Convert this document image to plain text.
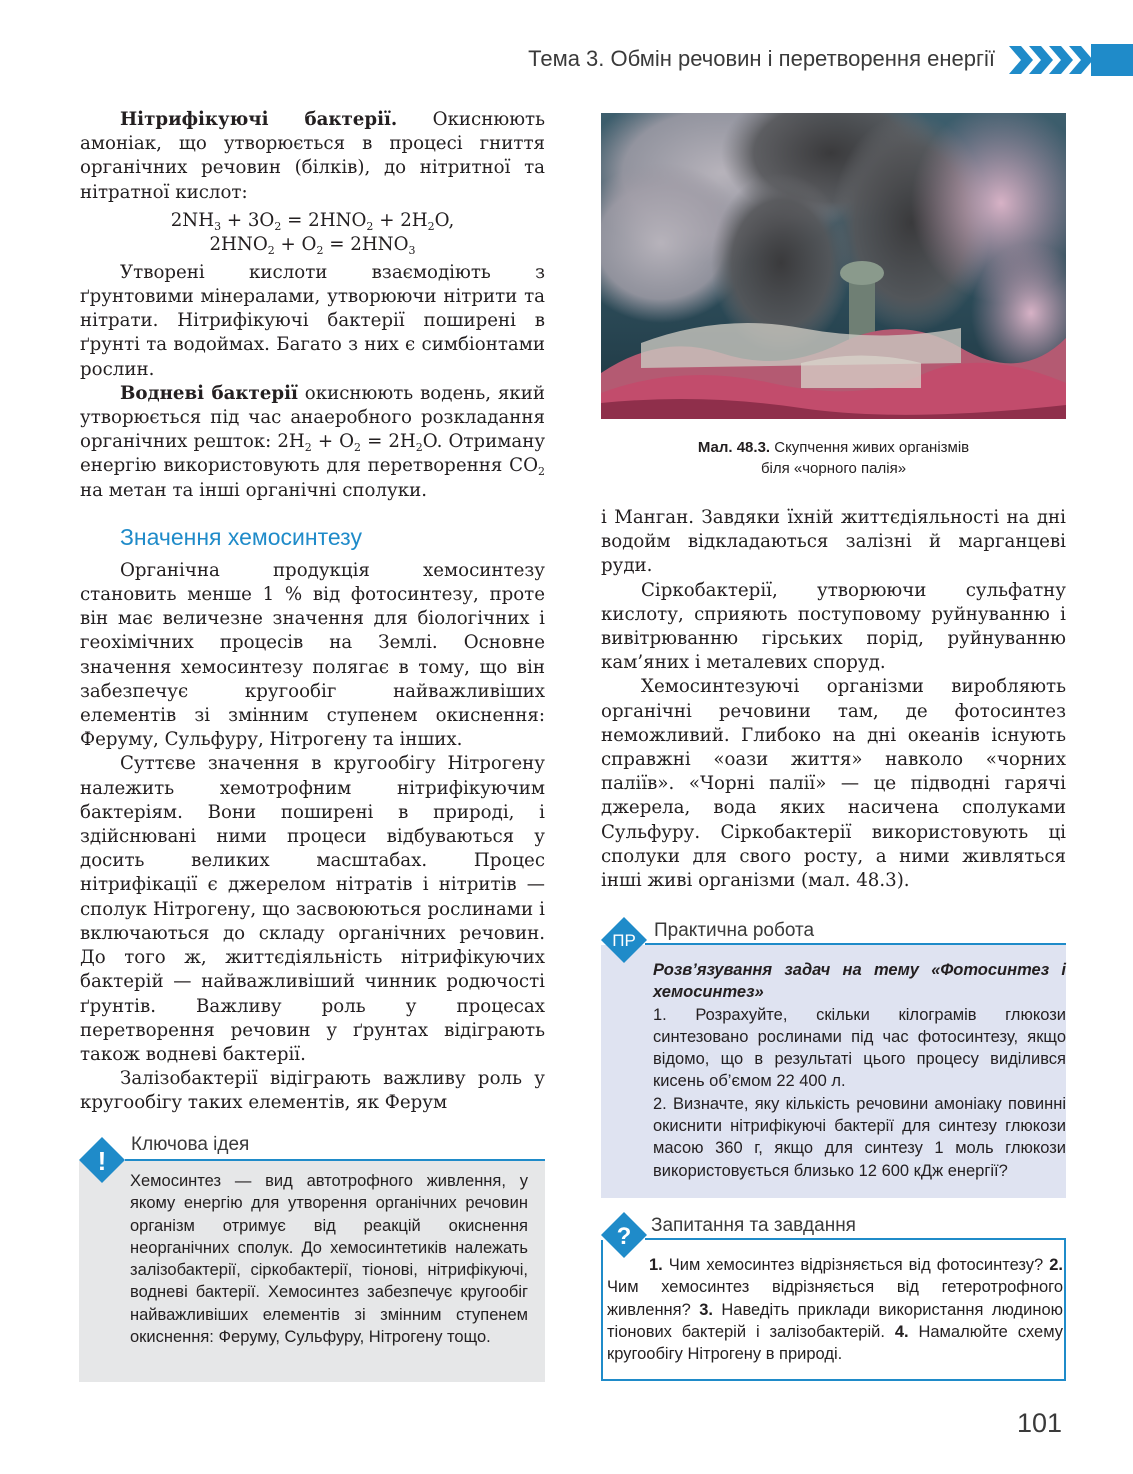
Тема 3. Обмін речовин і перетворення енергії

Нітрифікуючі бактерії. Окиснюють амоніак, що утворюється в процесі гниття органічних речовин (білків), до нітритної та нітратної кислот:

$2NH_3 + 3O_2 = 2HNO_2 + 2H_2O$,
$2HNO_2 + O_2 = 2HNO_3$

Утворені кислоти взаємодіють з ґрунтовими мінералами, утворюючи нітрити та нітрати. Нітрифікуючі бактерії поширені в ґрунті та водоймах. Багато з них є симбіонтами рослин.

Водневі бактерії окиснюють водень, який утворюється під час анаеробного розкладання органічних решток: $2H_2 + O_2 = 2H_2O$. Отриману енергію використовують для перетворення $CO_2$ на метан та інші органічні сполуки.

Значення хемосинтезу

Органічна продукція хемосинтезу становить менше 1 % від фотосинтезу, проте він має величезне значення для біологічних і геохімічних процесів на Землі. Основне значення хемосинтезу полягає в тому, що він забезпечує кругообіг найважливіших елементів зі змінним ступенем окиснення: Феруму, Сульфуру, Нітрогену та інших.

Суттєве значення в кругообігу Нітрогену належить хемотрофним нітрифікуючим бактеріям. Вони поширені в природі, і здійснювані ними процеси відбуваються у досить великих масштабах. Процес нітрифікації є джерелом нітратів і нітритів — сполук Нітрогену, що засвоюються рослинами і включаються до складу органічних речовин. До того ж, життєдіяльність нітрифікуючих бактерій — найважливіший чинник родючості ґрунтів. Важливу роль у процесах перетворення речовин у ґрунтах відіграють також водневі бактерії.

Залізобактерії відіграють важливу роль у кругообігу таких елементів, як Ферум

Мал. 48.3. Скупчення живих організмів
біля «чорного палія»

і Манган. Завдяки їхній життєдіяльності на дні водойм відкладаються залізні й марганцеві руди.

Сіркобактерії, утворюючи сульфатну кислоту, сприяють поступовому руйнуванню і вивітрюванню гірських порід, руйнуванню кам’яних і металевих споруд.

Хемосинтезуючі організми виробляють органічні речовини там, де фотосинтез неможливий. Глибоко на дні океанів існують справжні «оази життя» навколо «чорних паліїв». «Чорні палії» — це підводні гарячі джерела, вода яких насичена сполуками Сульфуру. Сіркобактерії використовують ці сполуки для свого росту, а ними живляться інші живі організми (мал. 48.3).

ПР Практична робота

Розв’язування задач на тему «Фотосинтез і хемосинтез»

1. Розрахуйте, скільки кілограмів глюкози синтезовано рослинами під час фотосинтезу, якщо відомо, що в результаті цього процесу виділився кисень об’ємом 22 400 л.

2. Визначте, яку кількість речовини амоніаку повинні окиснити нітрифікуючі бактерії для синтезу глюкози масою 360 г, якщо для синтезу 1 моль глюкози використовується близько 12 600 кДж енергії?

? Запитання та завдання
1. Чим хемосинтез відрізняється від фотосинтезу? 2. Чим хемосинтез відрізняється від гетеротрофного живлення? 3. Наведіть приклади використання людиною тіонових бактерій і залізобактерій. 4. Намалюйте схему кругообігу Нітрогену в природі.
!
Ключова ідея
Хемосинтез — вид автотрофного живлення, у якому енергію для утворення органічних речовин організм отримує від реакцій окиснення неорганічних сполук. До хемосинтетиків належать залізобактерії, сіркобактерії, тіонові, нітрифікуючі, водневі бактерії. Хемосинтез забезпечує кругообіг найважливіших елементів зі змінним ступенем окиснення: Феруму, Сульфуру, Нітрогену тощо.
101
